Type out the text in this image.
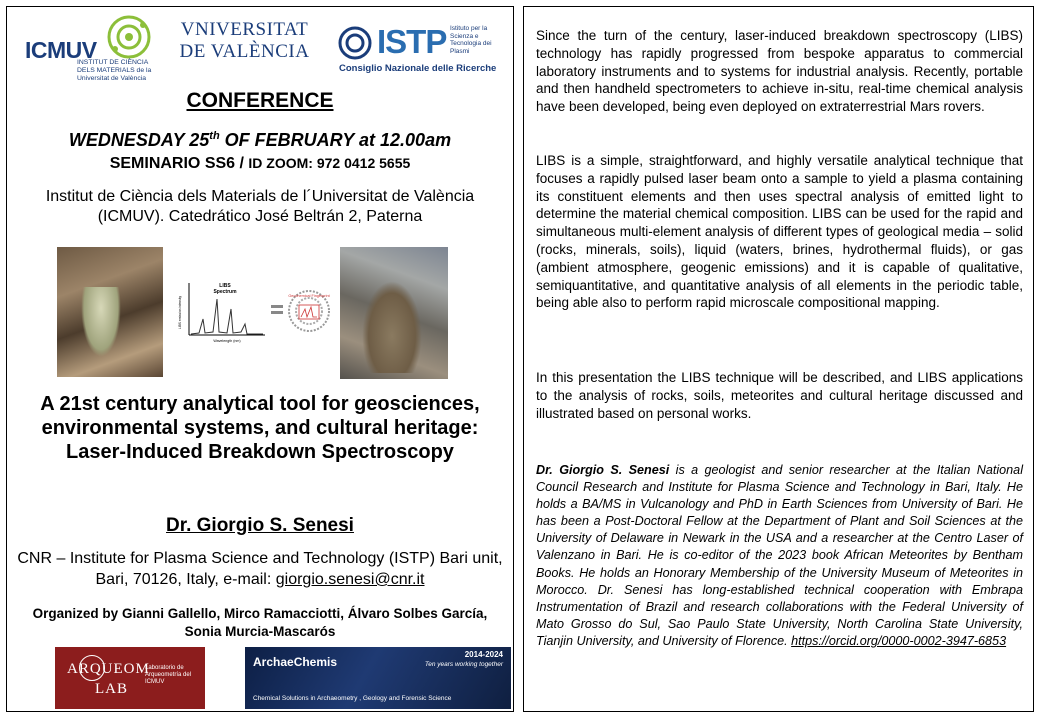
ICMUV
INSTITUT DE CIÈNCIA DELS MATERIALS de la Universitat de València
VNIVERSITAT
DE VALÈNCIA ISTP Istituto per la Scienza e Tecnologia dei Plasmi
Consiglio Nazionale delle Ricerche
CONFERENCE
WEDNESDAY 25th OF FEBRUARY at 12.00am
SEMINARIO SS6 / ID ZOOM: 972 0412 5655
Institut de Ciència dels Materials de l´Universitat de València (ICMUV). Catedrático José Beltrán 2, Paterna
LIBS
Spectrum
LIBS emission intensity
Wavelength (nm)
Geochemical Fingerprint
A 21st century analytical tool for geosciences, environmental systems, and cultural heritage: Laser-Induced Breakdown Spectroscopy
Dr. Giorgio S. Senesi
CNR – Institute for Plasma Science and Technology (ISTP) Bari unit, Bari, 70126, Italy, e-mail: giorgio.senesi@cnr.it
Organized by Gianni Gallello, Mirco Ramacciotti, Álvaro Solbes García, Sonia Murcia-Mascarós
ARQUEOM
LAB
Laboratorio de Arqueometría del ICMUV
ArchaeChemis
2014-2024
Ten years working together
Chemical Solutions in Archaeometry , Geology and Forensic Science

Since the turn of the century, laser-induced breakdown spectroscopy (LIBS) technology has rapidly progressed from bespoke apparatus to commercial laboratory instruments and to systems for industrial analysis. Recently, portable and then handheld spectrometers to achieve in-situ, real-time chemical analysis have been developed, being even deployed on extraterrestrial Mars rovers.

LIBS is a simple, straightforward, and highly versatile analytical technique that focuses a rapidly pulsed laser beam onto a sample to yield a plasma containing its constituent elements and then uses spectral analysis of emitted light to determine the material chemical composition. LIBS can be used for the rapid and simultaneous multi-element analysis of different types of geological media – solid (rocks, minerals, soils), liquid (waters, brines, hydrothermal fluids), or gas (ambient atmosphere, geogenic emissions) and it is capable of qualitative, semiquantitative, and quantitative analysis of all elements in the periodic table, being able also to perform rapid microscale compositional mapping.

In this presentation the LIBS technique will be described, and LIBS applications to the analysis of rocks, soils, meteorites and cultural heritage discussed and illustrated based on personal works.

Dr. Giorgio S. Senesi is a geologist and senior researcher at the Italian National Council Research and Institute for Plasma Science and Technology in Bari, Italy. He holds a BA/MS in Vulcanology and PhD in Earth Sciences from University of Bari. He has been a Post-Doctoral Fellow at the Department of Plant and Soil Sciences at the University of Delaware in Newark in the USA and a researcher at the Centro Laser of Valenzano in Bari. He is co-editor of the 2023 book African Meteorites by Bentham Books. He holds an Honorary Membership of the University Museum of Meteorites in Morocco. Dr. Senesi has long-established technical cooperation with Embrapa Instrumentation of Brazil and research collaborations with the Federal University of Mato Grosso do Sul, Sao Paulo State University, North Carolina State University, Tianjin University, and University of Florence. https://orcid.org/0000-0002-3947-6853
